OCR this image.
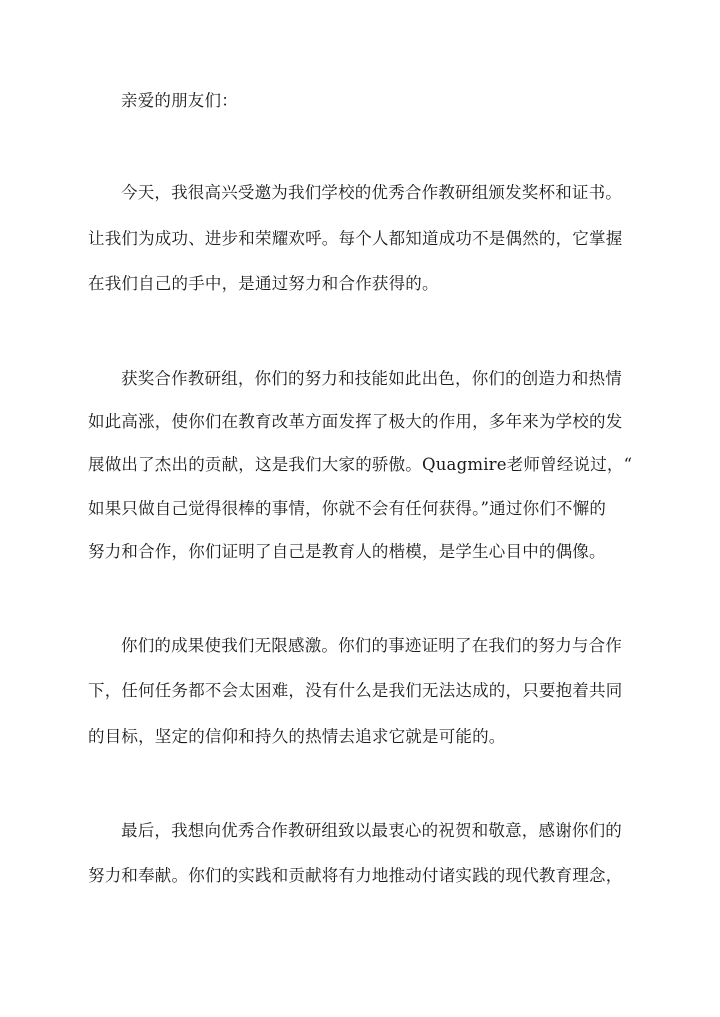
亲爱的朋友们：
今天，我很高兴受邀为我们学校的优秀合作教研组颁发奖杯和证书。
让我们为成功、进步和荣耀欢呼。每个人都知道成功不是偶然的，它掌握
在我们自己的手中，是通过努力和合作获得的。
获奖合作教研组，你们的努力和技能如此出色，你们的创造力和热情
如此高涨，使你们在教育改革方面发挥了极大的作用，多年来为学校的发
展做出了杰出的贡献，这是我们大家的骄傲。Quagmire老师曾经说过，“
如果只做自己觉得很棒的事情，你就不会有任何获得。”通过你们不懈的
努力和合作，你们证明了自己是教育人的楷模，是学生心目中的偶像。
你们的成果使我们无限感激。你们的事迹证明了在我们的努力与合作
下，任何任务都不会太困难，没有什么是我们无法达成的，只要抱着共同
的目标，坚定的信仰和持久的热情去追求它就是可能的。
最后，我想向优秀合作教研组致以最衷心的祝贺和敬意，感谢你们的
努力和奉献。你们的实践和贡献将有力地推动付诸实践的现代教育理念，
